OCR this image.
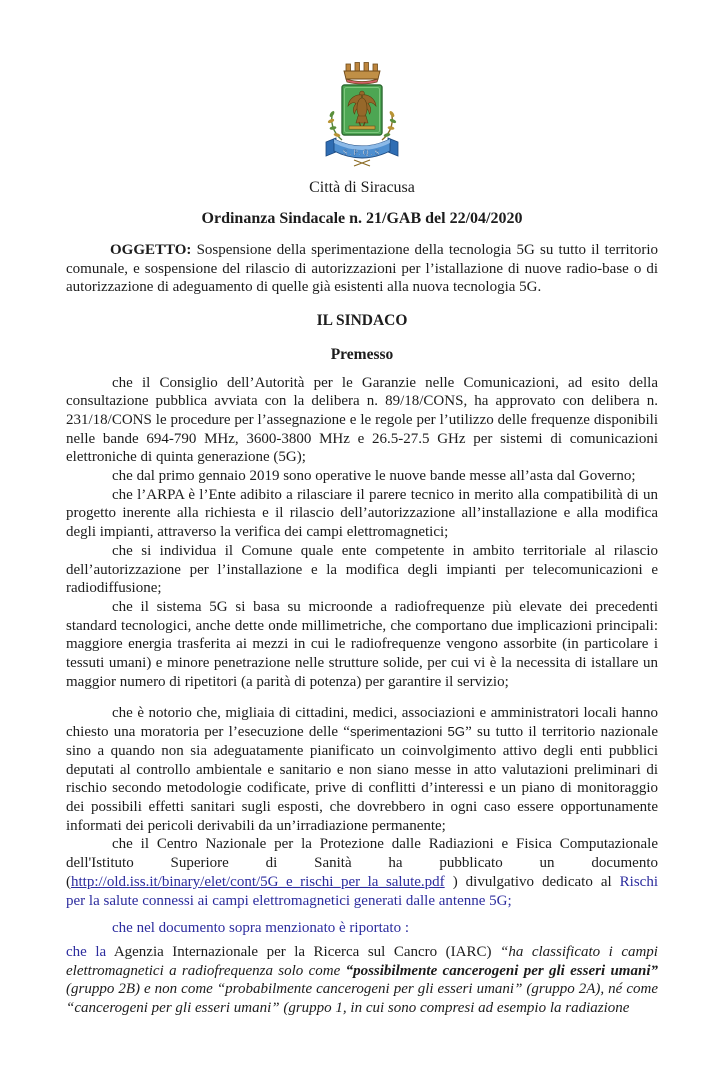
S.P.Q.S
Città di Siracusa
Ordinanza Sindacale n. 21/GAB del 22/04/2020

OGGETTO: Sospensione della sperimentazione della tecnologia 5G su tutto il territorio comunale, e sospensione del rilascio di autorizzazioni per l’istallazione di nuove radio-base o di autorizzazione di adeguamento di quelle già esistenti alla nuova tecnologia 5G.

IL SINDACO

Premesso

che il Consiglio dell’Autorità per le Garanzie nelle Comunicazioni, ad esito della consultazione pubblica avviata con la delibera n. 89/18/CONS, ha approvato con delibera n. 231/18/CONS le procedure per l’assegnazione e le regole per l’utilizzo delle frequenze disponibili nelle bande 694-790 MHz, 3600-3800 MHz e 26.5-27.5 GHz per sistemi di comunicazioni elettroniche di quinta generazione (5G);

che dal primo gennaio 2019 sono operative le nuove bande messe all’asta dal Governo;

che l’ARPA è l’Ente adibito a rilasciare il parere tecnico in merito alla compatibilità di un progetto inerente alla richiesta e il rilascio dell’autorizzazione all’installazione e alla modifica degli impianti, attraverso la verifica dei campi elettromagnetici;

che si individua il Comune quale ente competente in ambito territoriale al rilascio dell’autorizzazione per l’installazione e la modifica degli impianti per telecomunicazioni e radiodiffusione;

che il sistema 5G si basa su microonde a radiofrequenze più elevate dei precedenti standard tecnologici, anche dette onde millimetriche, che comportano due implicazioni principali: maggiore energia trasferita ai mezzi in cui le radiofrequenze vengono assorbite (in particolare i tessuti umani) e minore penetrazione nelle strutture solide, per cui vi è la necessita di istallare un maggior numero di ripetitori (a parità di potenza) per garantire il servizio;

che è notorio che, migliaia di cittadini, medici, associazioni e amministratori locali hanno chiesto una moratoria per l’esecuzione delle “sperimentazioni 5G” su tutto il territorio nazionale sino a quando non sia adeguatamente pianificato un coinvolgimento attivo degli enti pubblici deputati al controllo ambientale e sanitario e non siano messe in atto valutazioni preliminari di rischio secondo metodologie codificate, prive di conflitti d’interessi e un piano di monitoraggio dei possibili effetti sanitari sugli esposti, che dovrebbero in ogni caso essere opportunamente informati dei pericoli derivabili da un’irradiazione permanente;

che il Centro Nazionale per la Protezione dalle Radiazioni e Fisica Computazionale dell'Istituto Superiore di Sanità ha pubblicato un documento (http://old.iss.it/binary/elet/cont/5G_e_rischi_per_la_salute.pdf ) divulgativo dedicato al Rischi per la salute connessi ai campi elettromagnetici generati dalle antenne 5G;

che nel documento sopra menzionato è riportato :

che la Agenzia Internazionale per la Ricerca sul Cancro (IARC) “ha classificato i campi elettromagnetici a radiofrequenza solo come “possibilmente cancerogeni per gli esseri umani” (gruppo 2B) e non come “probabilmente cancerogeni per gli esseri umani” (gruppo 2A), né come “cancerogeni per gli esseri umani” (gruppo 1, in cui sono compresi ad esempio la radiazione
